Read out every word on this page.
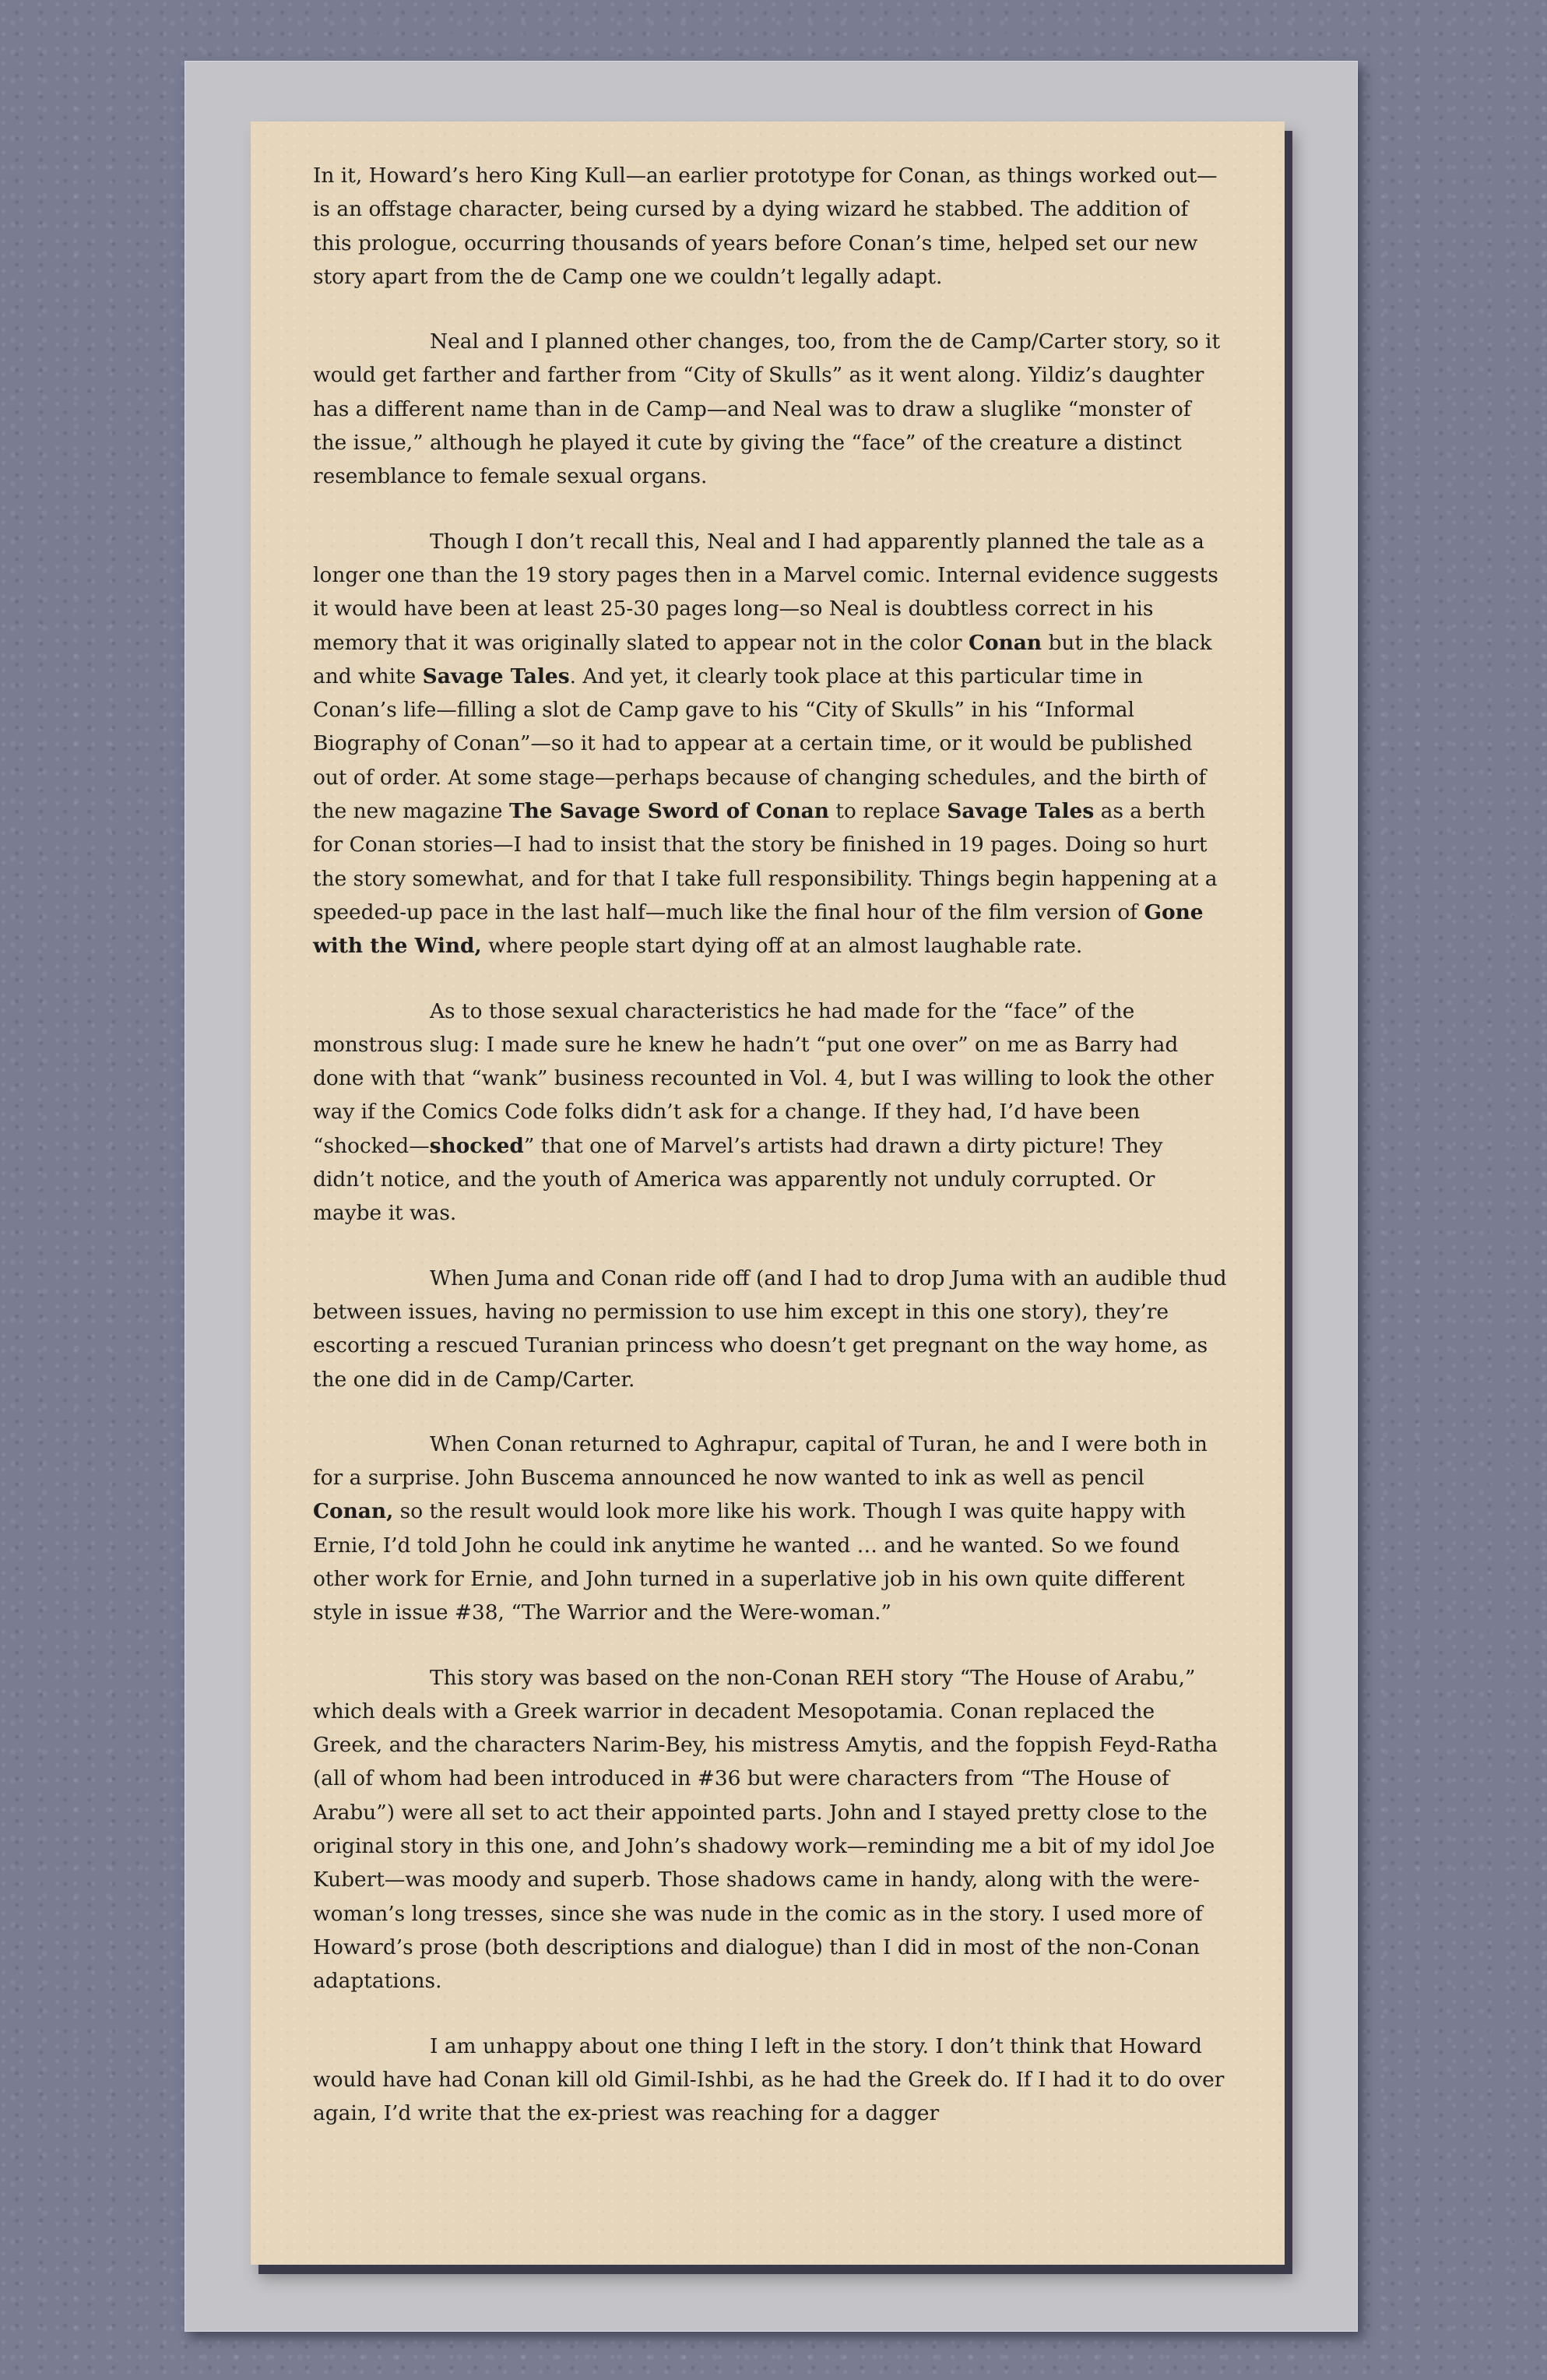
In it, Howard’s hero King Kull—an earlier prototype for Conan, as things worked out—is an offstage character, being cursed by a dying wizard he stabbed. The addition of this prologue, occurring thousands of years before Conan’s time, helped set our new story apart from the de Camp one we couldn’t legally adapt.

Neal and I planned other changes, too, from the de Camp/Carter story, so it would get farther and farther from “City of Skulls” as it went along. Yildiz’s daughter has a different name than in de Camp—and Neal was to draw a sluglike “monster of the issue,” although he played it cute by giving the “face” of the creature a distinct resemblance to female sexual organs.

Though I don’t recall this, Neal and I had apparently planned the tale as a longer one than the 19 story pages then in a Marvel comic. Internal evidence suggests it would have been at least 25-30 pages long—so Neal is doubtless correct in his memory that it was originally slated to appear not in the color Conan but in the black and white Savage Tales. And yet, it clearly took place at this particular time in Conan’s life—filling a slot de Camp gave to his “City of Skulls” in his “Informal Biography of Conan”—so it had to appear at a certain time, or it would be published out of order. At some stage—perhaps because of changing schedules, and the birth of the new magazine The Savage Sword of Conan to replace Savage Tales as a berth for Conan stories—I had to insist that the story be finished in 19 pages. Doing so hurt the story somewhat, and for that I take full responsibility. Things begin happening at a speeded-up pace in the last half—much like the final hour of the film version of Gone with the Wind, where people start dying off at an almost laughable rate.

As to those sexual characteristics he had made for the “face” of the monstrous slug: I made sure he knew he hadn’t “put one over” on me as Barry had done with that “wank” business recounted in Vol. 4, but I was willing to look the other way if the Comics Code folks didn’t ask for a change. If they had, I’d have been “shocked—shocked” that one of Marvel’s artists had drawn a dirty picture! They didn’t notice, and the youth of America was apparently not unduly corrupted. Or maybe it was.

When Juma and Conan ride off (and I had to drop Juma with an audible thud between issues, having no permission to use him except in this one story), they’re escorting a rescued Turanian princess who doesn’t get pregnant on the way home, as the one did in de Camp/Carter.

When Conan returned to Aghrapur, capital of Turan, he and I were both in for a surprise. John Buscema announced he now wanted to ink as well as pencil Conan, so the result would look more like his work. Though I was quite happy with Ernie, I’d told John he could ink anytime he wanted … and he wanted. So we found other work for Ernie, and John turned in a superlative job in his own quite different style in issue #38, “The Warrior and the Were-woman.”

This story was based on the non-Conan REH story “The House of Arabu,” which deals with a Greek warrior in decadent Mesopotamia. Conan replaced the Greek, and the characters Narim-Bey, his mistress Amytis, and the foppish Feyd-Ratha (all of whom had been introduced in #36 but were characters from “The House of Arabu”) were all set to act their appointed parts. John and I stayed pretty close to the original story in this one, and John’s shadowy work—reminding me a bit of my idol Joe Kubert—was moody and superb. Those shadows came in handy, along with the were-woman’s long tresses, since she was nude in the comic as in the story. I used more of Howard’s prose (both descriptions and dialogue) than I did in most of the non-Conan adaptations.

I am unhappy about one thing I left in the story. I don’t think that Howard would have had Conan kill old Gimil-Ishbi, as he had the Greek do. If I had it to do over again, I’d write that the ex-priest was reaching for a dagger
